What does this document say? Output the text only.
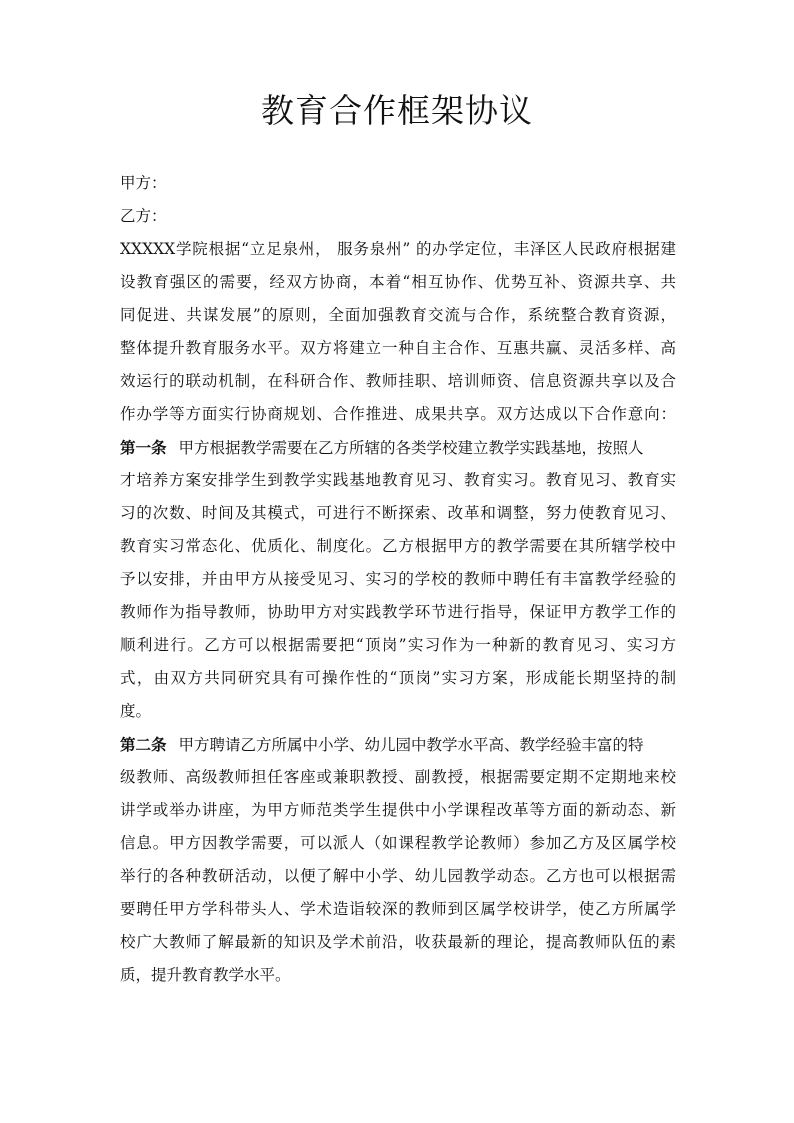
教育合作框架协议
甲方：
乙方：
XXXXX学院根据“立足泉州， 服务泉州” 的办学定位，丰泽区人民政府根据建
设教育强区的需要，经双方协商，本着“相互协作、优势互补、资源共享、共
同促进、共谋发展”的原则，全面加强教育交流与合作，系统整合教育资源，
整体提升教育服务水平。双方将建立一种自主合作、互惠共赢、灵活多样、高
效运行的联动机制，在科研合作、教师挂职、培训师资、信息资源共享以及合
作办学等方面实行协商规划、合作推进、成果共享。双方达成以下合作意向：
第一条 甲方根据教学需要在乙方所辖的各类学校建立教学实践基地，按照人
才培养方案安排学生到教学实践基地教育见习、教育实习。教育见习、教育实
习的次数、时间及其模式，可进行不断探索、改革和调整，努力使教育见习、
教育实习常态化、优质化、制度化。乙方根据甲方的教学需要在其所辖学校中
予以安排，并由甲方从接受见习、实习的学校的教师中聘任有丰富教学经验的
教师作为指导教师，协助甲方对实践教学环节进行指导，保证甲方教学工作的
顺利进行。乙方可以根据需要把“顶岗”实习作为一种新的教育见习、实习方
式，由双方共同研究具有可操作性的“顶岗”实习方案，形成能长期坚持的制
度。
第二条 甲方聘请乙方所属中小学、幼儿园中教学水平高、教学经验丰富的特
级教师、高级教师担任客座或兼职教授、副教授，根据需要定期不定期地来校
讲学或举办讲座，为甲方师范类学生提供中小学课程改革等方面的新动态、新
信息。甲方因教学需要，可以派人（如课程教学论教师）参加乙方及区属学校
举行的各种教研活动，以便了解中小学、幼儿园教学动态。乙方也可以根据需
要聘任甲方学科带头人、学术造诣较深的教师到区属学校讲学，使乙方所属学
校广大教师了解最新的知识及学术前沿，收获最新的理论，提高教师队伍的素
质，提升教育教学水平。
